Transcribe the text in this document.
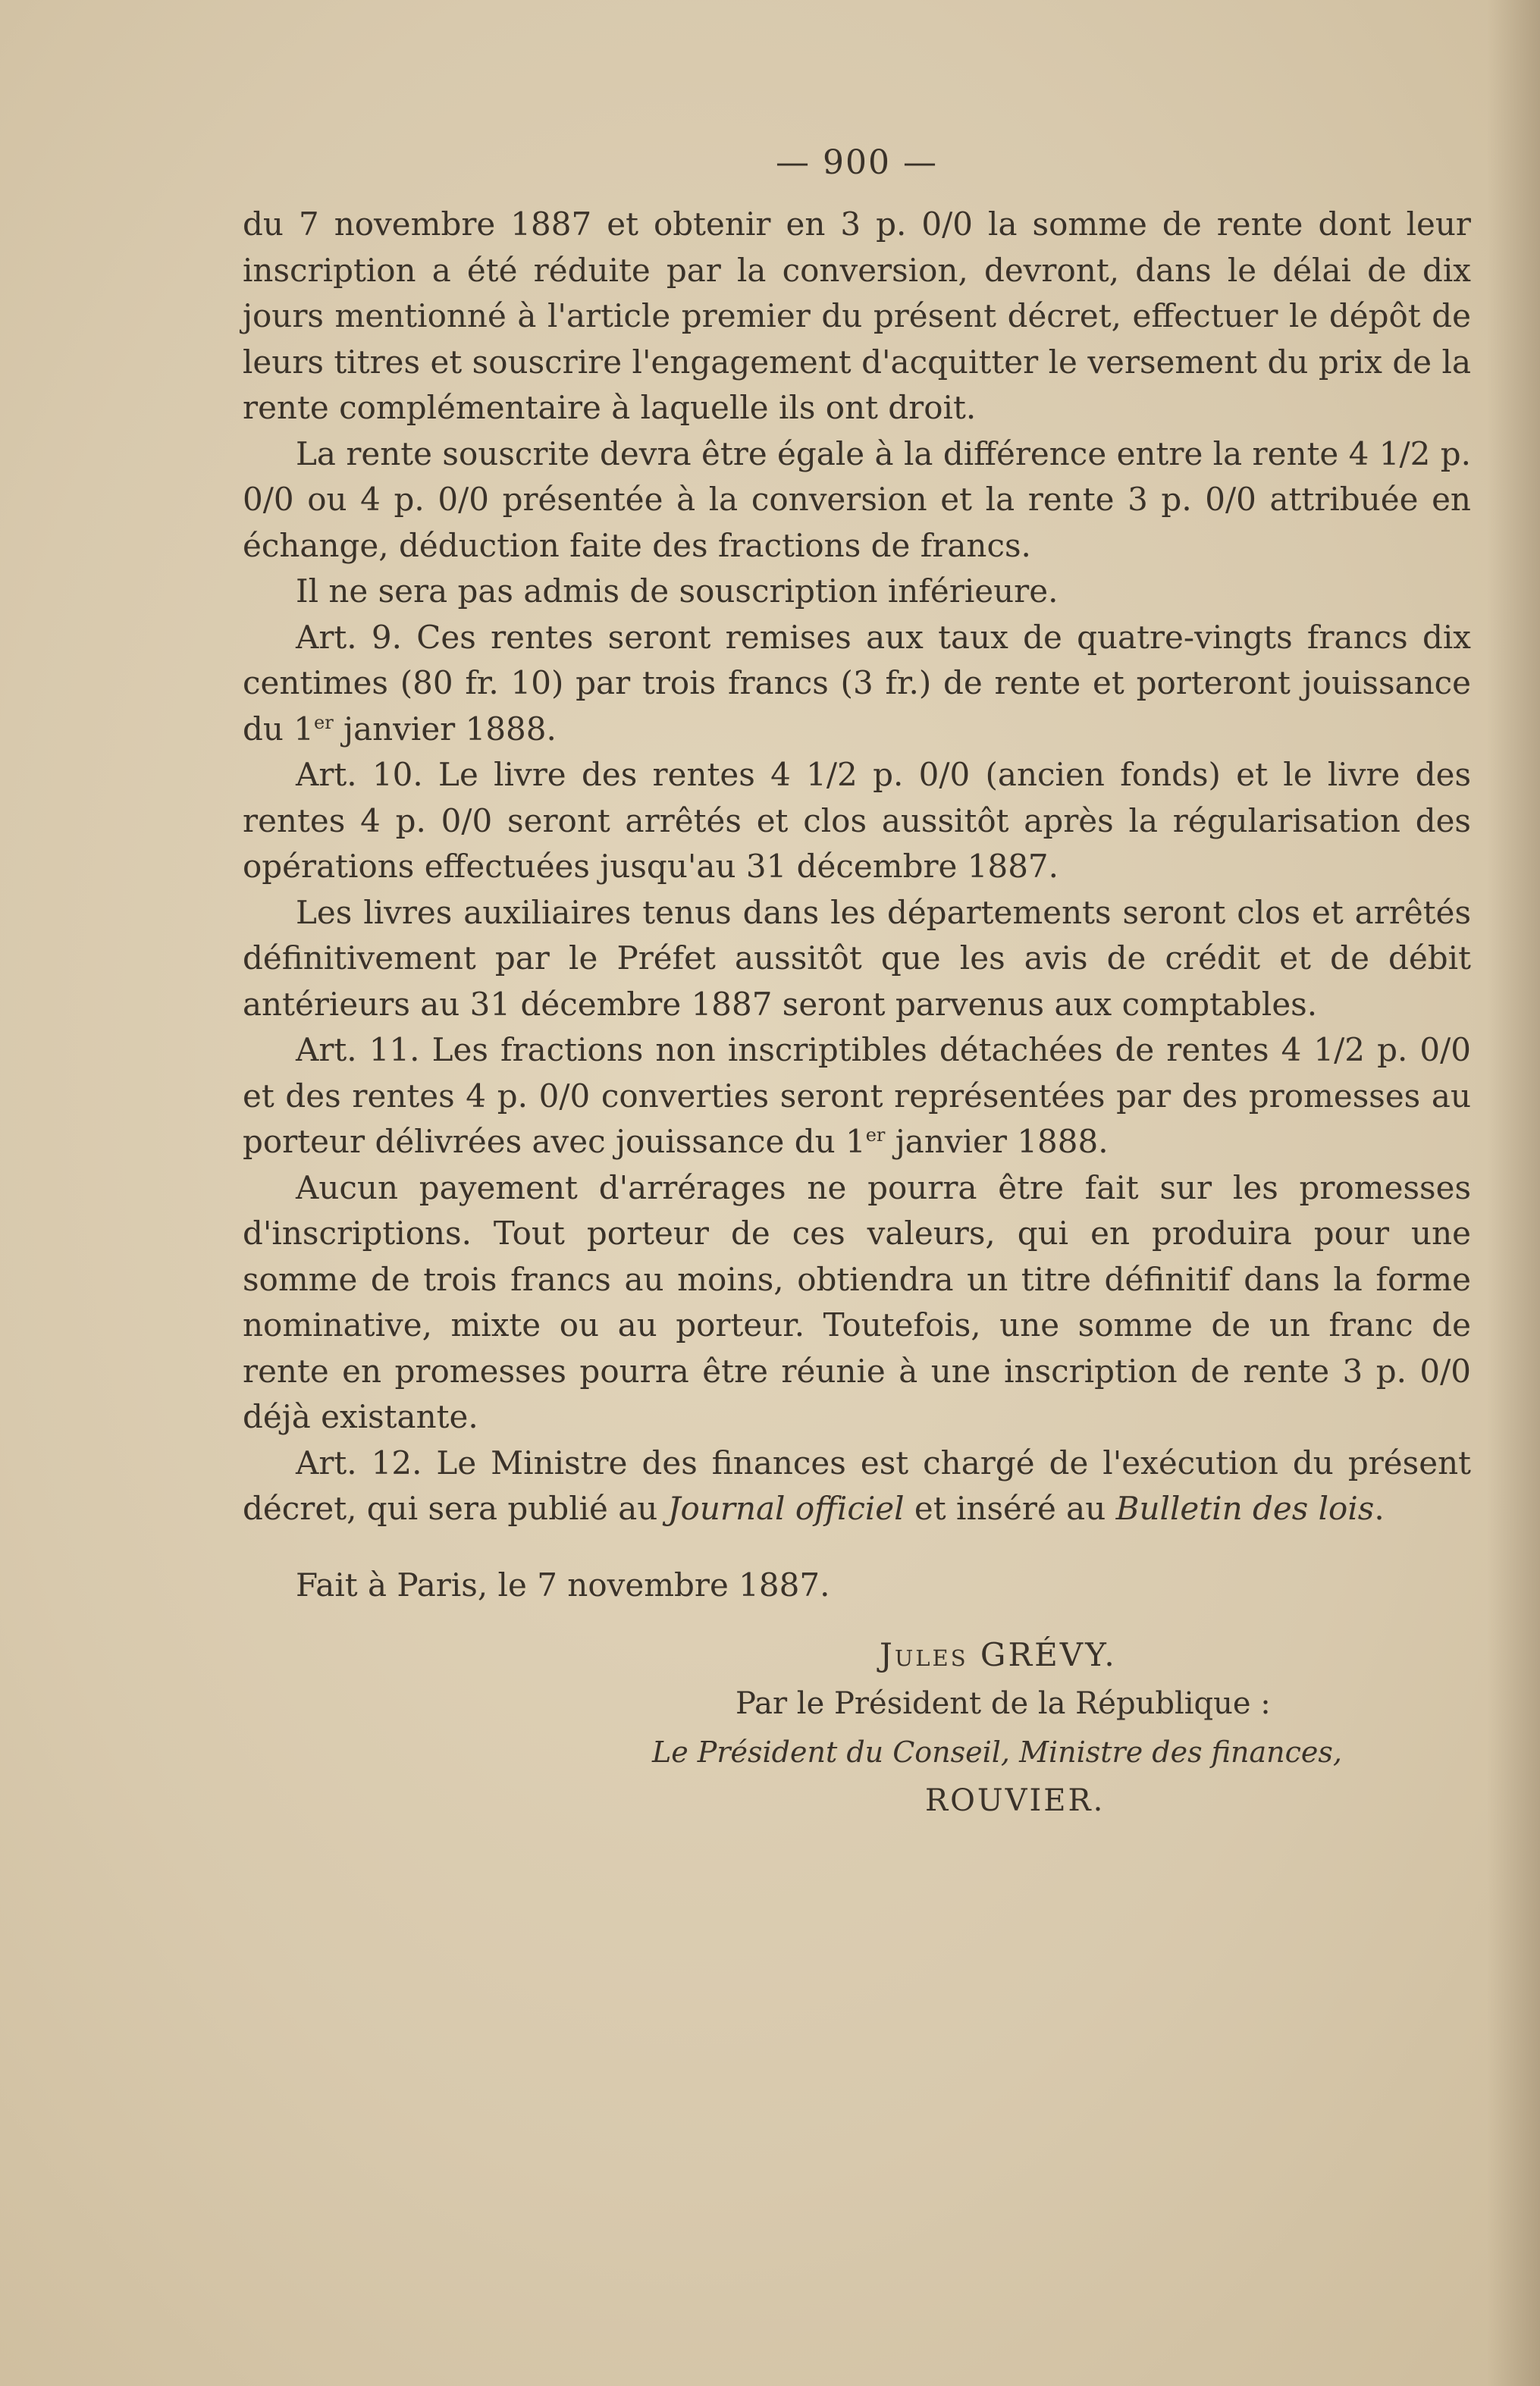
— 900 —

du 7 novembre 1887 et obtenir en 3 p. 0/0 la somme de rente dont leur inscription a été réduite par la conversion, devront, dans le délai de dix jours mentionné à l'article premier du présent décret, effectuer le dépôt de leurs titres et souscrire l'engagement d'acquitter le versement du prix de la rente complémentaire à laquelle ils ont droit.

La rente souscrite devra être égale à la différence entre la rente 4 1/2 p. 0/0 ou 4 p. 0/0 présentée à la conversion et la rente 3 p. 0/0 attribuée en échange, déduction faite des fractions de francs.

Il ne sera pas admis de souscription inférieure.

Art. 9. Ces rentes seront remises aux taux de quatre-vingts francs dix centimes (80 fr. 10) par trois francs (3 fr.) de rente et porteront jouissance du 1er janvier 1888.

Art. 10. Le livre des rentes 4 1/2 p. 0/0 (ancien fonds) et le livre des rentes 4 p. 0/0 seront arrêtés et clos aussitôt après la régularisation des opérations effectuées jusqu'au 31 décembre 1887.

Les livres auxiliaires tenus dans les départements seront clos et arrêtés définitivement par le Préfet aussitôt que les avis de crédit et de débit antérieurs au 31 décembre 1887 seront parvenus aux comptables.

Art. 11. Les fractions non inscriptibles détachées de rentes 4 1/2 p. 0/0 et des rentes 4 p. 0/0 converties seront représentées par des promesses au porteur délivrées avec jouissance du 1er janvier 1888.

Aucun payement d'arrérages ne pourra être fait sur les promesses d'inscriptions. Tout porteur de ces valeurs, qui en produira pour une somme de trois francs au moins, obtiendra un titre définitif dans la forme nominative, mixte ou au porteur. Toutefois, une somme de un franc de rente en promesses pourra être réunie à une inscription de rente 3 p. 0/0 déjà existante.

Art. 12. Le Ministre des finances est chargé de l'exécution du présent décret, qui sera publié au Journal officiel et inséré au Bulletin des lois.

Fait à Paris, le 7 novembre 1887.
Jules GRÉVY.
Par le Président de la République :
Le Président du Conseil, Ministre des finances,
ROUVIER.
